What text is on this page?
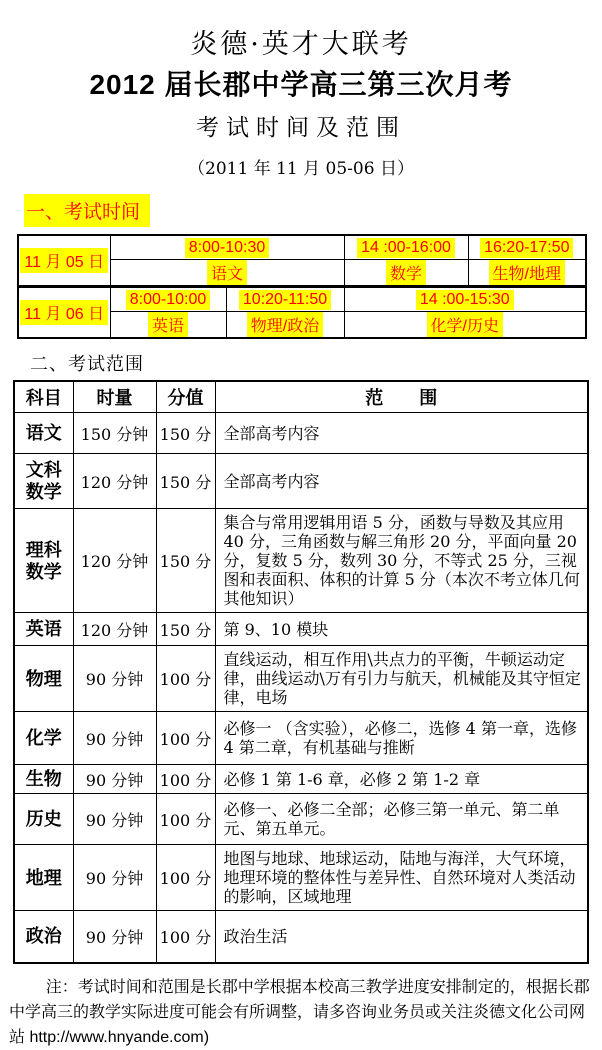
炎德·英才大联考
2012 届长郡中学高三第三次月考
考试时间及范围
（2011 年 11 月 05-06 日）
一、考试时间
11 月 05 日	8:00-10:30		14 :00-16:00	16:20-17:50
	语文		数学	生物/地理
11 月 06 日	8:00-10:00	10:20-11:50	14 :00-15:30	
	英语	物理/政治	化学/历史	
二、考试范围
科目	时量	分值	范　　围
语文	150 分钟	150 分	全部高考内容
文科数学	120 分钟	150 分	全部高考内容
理科数学	120 分钟	150 分	集合与常用逻辑用语 5 分，函数与导数及其应用 40 分，三角函数与解三角形 20 分，平面向量 20 分，复数 5 分，数列 30 分，不等式 25 分，三视图和表面积、体积的计算 5 分（本次不考立体几何其他知识）
英语	120 分钟	150 分	第 9、10 模块
物理	90 分钟	100 分	直线运动，相互作用\共点力的平衡，牛顿运动定律，曲线运动\万有引力与航天，机械能及其守恒定律，电场
化学	90 分钟	100 分	必修一 （含实验），必修二，选修 4 第一章，选修 4 第二章，有机基础与推断
生物	90 分钟	100 分	必修 1 第 1-6 章，必修 2 第 1-2 章
历史	90 分钟	100 分	必修一、必修二全部；必修三第一单元、第二单元、第五单元。
地理	90 分钟	100 分	地图与地球、地球运动，陆地与海洋，大气环境，地理环境的整体性与差异性、自然环境对人类活动的影响，区域地理
政治	90 分钟	100 分	政治生活
注：考试时间和范围是长郡中学根据本校高三教学进度安排制定的，根据长郡中学高三的教学实际进度可能会有所调整，请多咨询业务员或关注炎德文化公司网站 http://www.hnyande.com)
